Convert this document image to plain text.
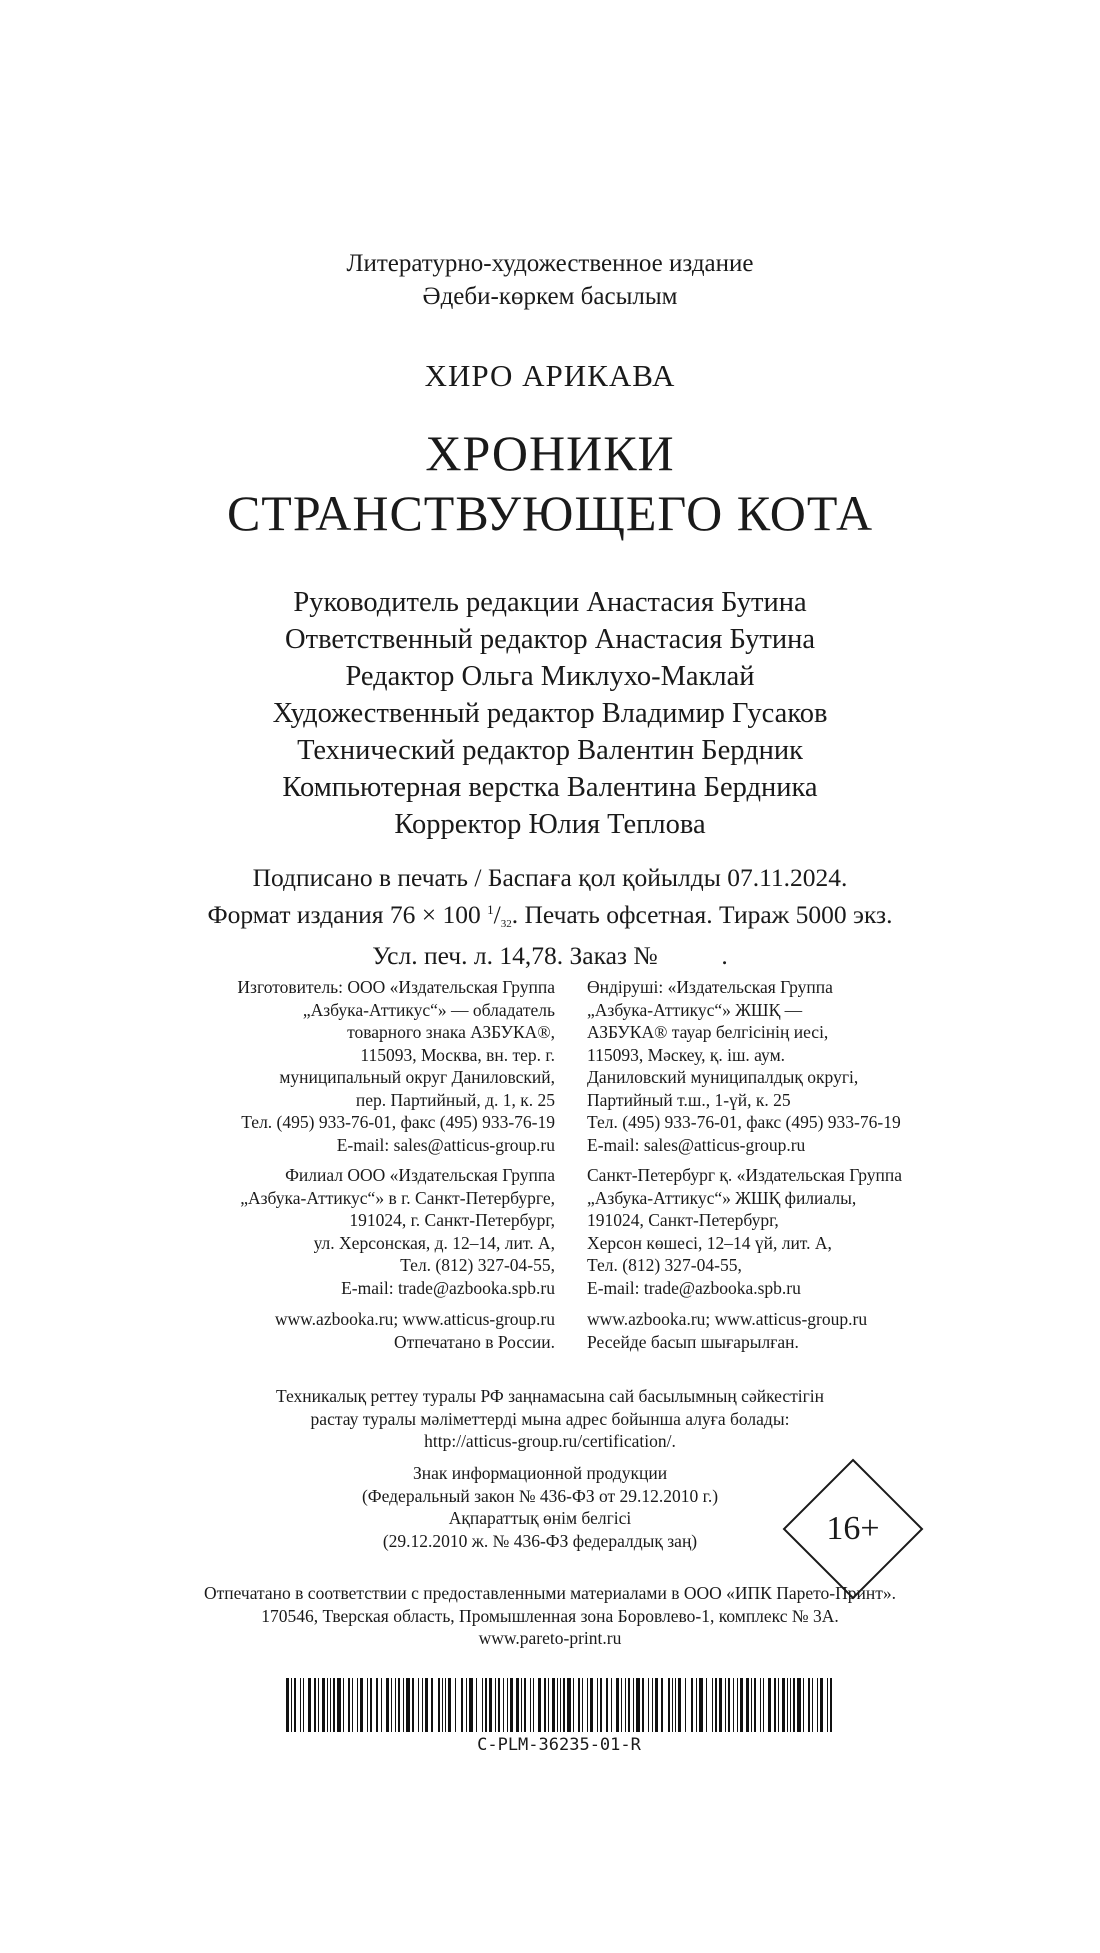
Литературно-художественное издание
Әдеби-көркем басылым
ХИРО АРИКАВА
ХРОНИКИ
СТРАНСТВУЮЩЕГО КОТА
Руководитель редакции Анастасия Бутина
Ответственный редактор Анастасия Бутина
Редактор Ольга Миклухо-Маклай
Художественный редактор Владимир Гусаков
Технический редактор Валентин Бердник
Компьютерная верстка Валентина Бердника
Корректор Юлия Теплова
Подписано в печать / Баспаға қол қойылды 07.11.2024.
Формат издания 76 × 100 $^1/_{32}$. Печать офсетная. Тираж 5000 экз.
Усл. печ. л. 14,78. Заказ №          .
Изготовитель: ООО «Издательская Группа
„Азбука-Аттикус“» — обладатель
товарного знака АЗБУКА®,
115093, Москва, вн. тер. г.
муниципальный округ Даниловский,
пер. Партийный, д. 1, к. 25
Тел. (495) 933-76-01, факс (495) 933-76-19
E-mail: sales@atticus-group.ru
Өндіруші: «Издательская Группа
„Азбука-Аттикус“» ЖШҚ —
АЗБУКА® тауар белгісінің иесі,
115093, Мәскеу, қ. іш. аум.
Даниловский муниципалдық округі,
Партийный т.ш., 1-үй, к. 25
Тел. (495) 933-76-01, факс (495) 933-76-19
E-mail: sales@atticus-group.ru
Филиал ООО «Издательская Группа
„Азбука-Аттикус“» в г. Санкт-Петербурге,
191024, г. Санкт-Петербург,
ул. Херсонская, д. 12–14, лит. А,
Тел. (812) 327-04-55,
E-mail: trade@azbooka.spb.ru
Санкт-Петербург қ. «Издательская Группа
„Азбука-Аттикус“» ЖШҚ филиалы,
191024, Санкт-Петербург,
Херсон көшесі, 12–14 үй, лит. А,
Тел. (812) 327-04-55,
E-mail: trade@azbooka.spb.ru
www.azbooka.ru; www.atticus-group.ru
Отпечатано в России.
www.azbooka.ru; www.atticus-group.ru
Ресейде басып шығарылған.
Техникалық реттеу туралы РФ заңнамасына сай басылымның сәйкестігін
растау туралы мәліметтерді мына адрес бойынша алуға болады:
http://atticus-group.ru/certification/.
Знак информационной продукции
(Федеральный закон № 436-ФЗ от 29.12.2010 г.)
Ақпараттық өнім белгісі
(29.12.2010 ж. № 436-ФЗ федералдық заң)	16+
Отпечатано в соответствии с предоставленными материалами в ООО «ИПК Парето-Принт».
170546, Тверская область, Промышленная зона Боровлево-1, комплекс № 3А.
www.pareto-print.ru
C-PLM-36235-01-R
